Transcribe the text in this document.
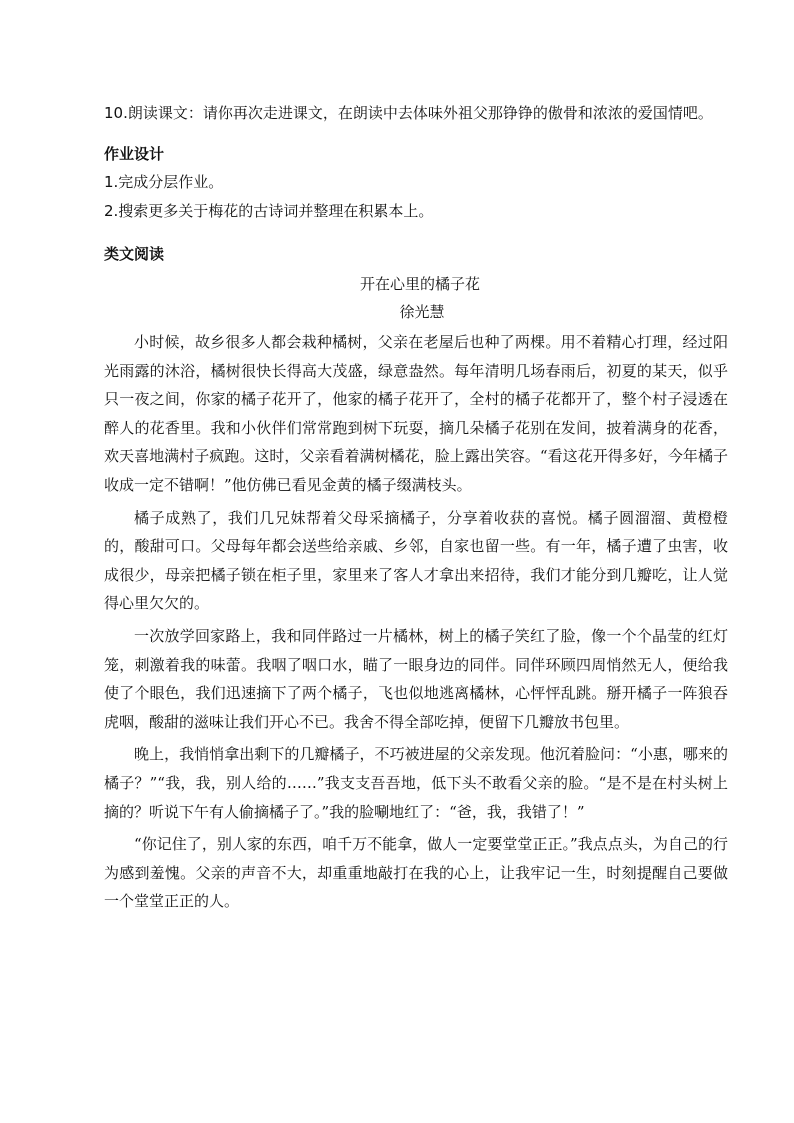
10.朗读课文：请你再次走进课文，在朗读中去体味外祖父那铮铮的傲骨和浓浓的爱国情吧。

作业设计

1.完成分层作业。

2.搜索更多关于梅花的古诗词并整理在积累本上。

类文阅读

开在心里的橘子花

徐光慧

小时候，故乡很多人都会栽种橘树，父亲在老屋后也种了两棵。用不着精心打理，经过阳光雨露的沐浴，橘树很快长得高大茂盛，绿意盎然。每年清明几场春雨后，初夏的某天，似乎只一夜之间，你家的橘子花开了，他家的橘子花开了，全村的橘子花都开了，整个村子浸透在醉人的花香里。我和小伙伴们常常跑到树下玩耍，摘几朵橘子花别在发间，披着满身的花香，欢天喜地满村子疯跑。这时，父亲看着满树橘花，脸上露出笑容。“看这花开得多好，今年橘子收成一定不错啊！”他仿佛已看见金黄的橘子缀满枝头。

橘子成熟了，我们几兄妹帮着父母采摘橘子，分享着收获的喜悦。橘子圆溜溜、黄橙橙的，酸甜可口。父母每年都会送些给亲戚、乡邻，自家也留一些。有一年，橘子遭了虫害，收成很少，母亲把橘子锁在柜子里，家里来了客人才拿出来招待，我们才能分到几瓣吃，让人觉得心里欠欠的。

一次放学回家路上，我和同伴路过一片橘林，树上的橘子笑红了脸，像一个个晶莹的红灯笼，刺激着我的味蕾。我咽了咽口水，瞄了一眼身边的同伴。同伴环顾四周悄然无人，便给我使了个眼色，我们迅速摘下了两个橘子，飞也似地逃离橘林，心怦怦乱跳。掰开橘子一阵狼吞虎咽，酸甜的滋味让我们开心不已。我舍不得全部吃掉，便留下几瓣放书包里。

晚上，我悄悄拿出剩下的几瓣橘子，不巧被进屋的父亲发现。他沉着脸问：“小惠，哪来的橘子？”“我，我，别人给的……”我支支吾吾地，低下头不敢看父亲的脸。“是不是在村头树上摘的？听说下午有人偷摘橘子了。”我的脸唰地红了：“爸，我，我错了！”

“你记住了，别人家的东西，咱千万不能拿，做人一定要堂堂正正。”我点点头，为自己的行为感到羞愧。父亲的声音不大，却重重地敲打在我的心上，让我牢记一生，时刻提醒自己要做一个堂堂正正的人。
